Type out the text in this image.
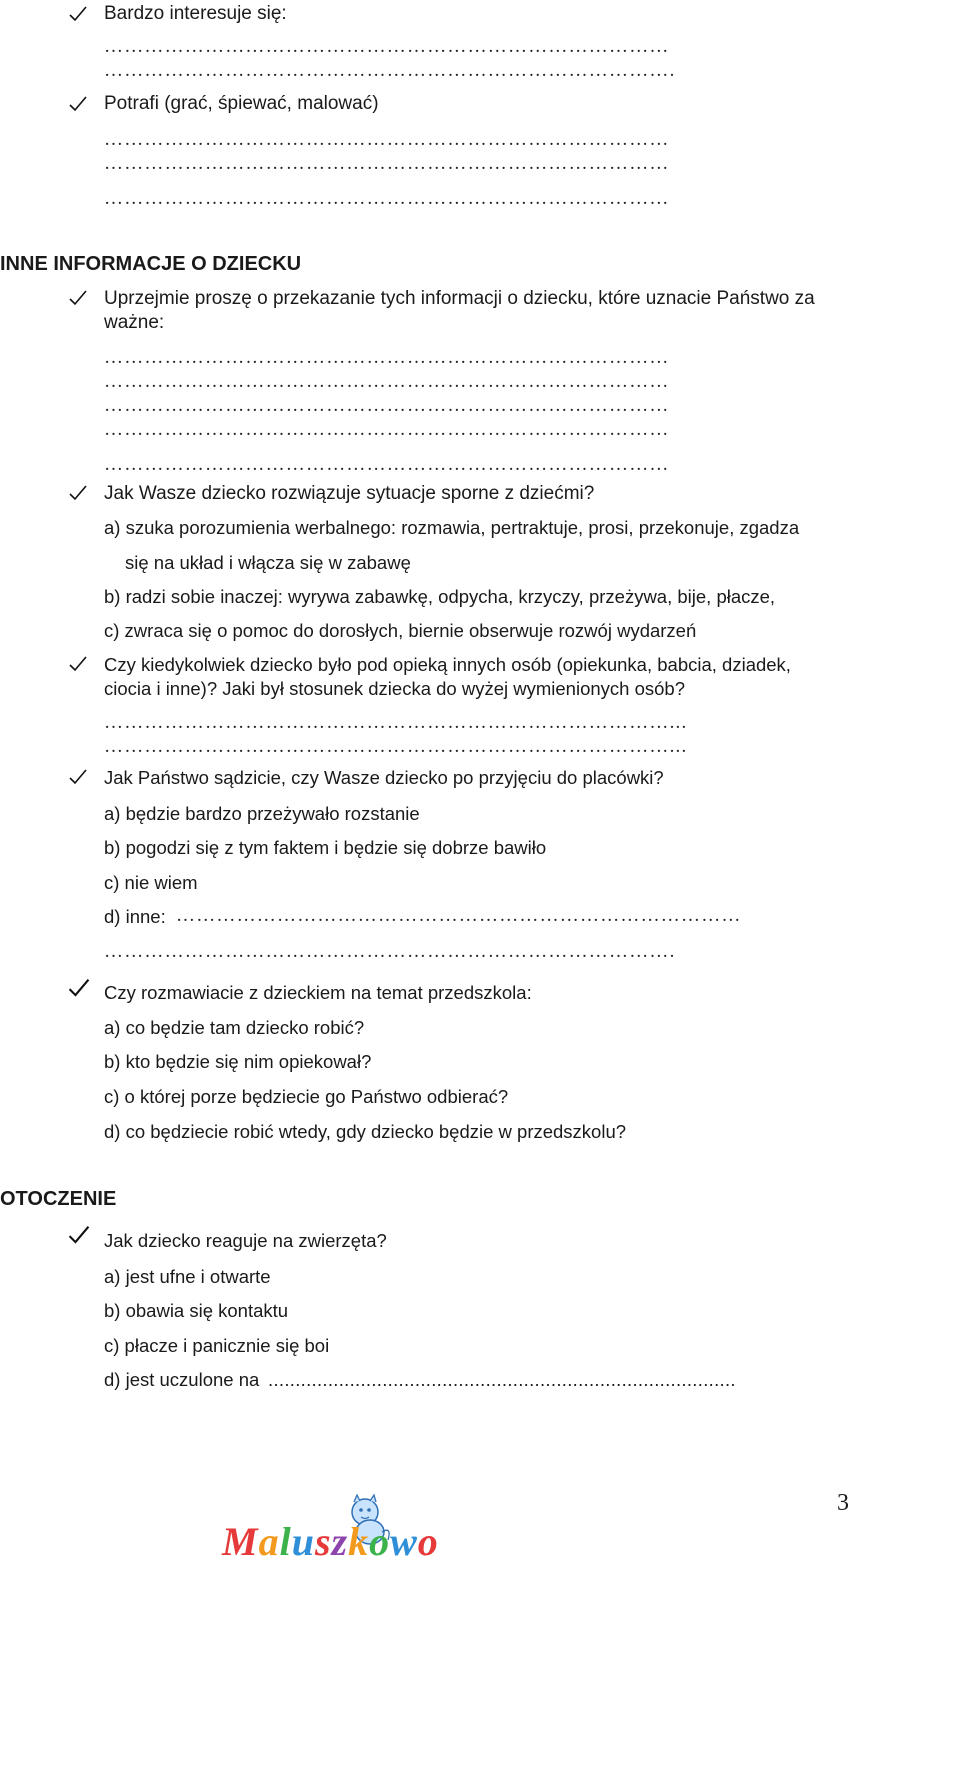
Bardzo interesuje się:
…………………………………………………………………………
………………………………………………………………………….
Potrafi (grać, śpiewać, malować)
…………………………………………………………………………
…………………………………………………………………………
…………………………………………………………………………
INNE INFORMACJE O DZIECKU
Uprzejmie proszę o przekazanie tych informacji o dziecku, które uznacie Państwo za
ważne:
…………………………………………………………………………
…………………………………………………………………………
…………………………………………………………………………
…………………………………………………………………………
…………………………………………………………………………
Jak Wasze dziecko rozwiązuje sytuacje sporne z dziećmi?
a) szuka porozumienia werbalnego: rozmawia, pertraktuje, prosi, przekonuje, zgadza
się na układ i włącza się w zabawę
b) radzi sobie inaczej: wyrywa zabawkę, odpycha, krzyczy, przeżywa, bije, płacze,
c) zwraca się o pomoc do dorosłych, biernie obserwuje rozwój wydarzeń
Czy kiedykolwiek dziecko było pod opieką innych osób (opiekunka, babcia, dziadek,
ciocia i inne)? Jaki był stosunek dziecka do wyżej wymienionych osób?
…………………………………………………………………………...
…………………………………………………………………………...
Jak Państwo sądzicie, czy Wasze dziecko po przyjęciu do placówki?
a) będzie bardzo przeżywało rozstanie
b) pogodzi się z tym faktem i będzie się dobrze bawiło
c) nie wiem
d) inne: …………………………………………………………………………
………………………………………………………………………….
Czy rozmawiacie z dzieckiem na temat przedszkola:
a) co będzie tam dziecko robić?
b) kto będzie się nim opiekował?
c) o której porze będziecie go Państwo odbierać?
d) co będziecie robić wtedy, gdy dziecko będzie w przedszkolu?
OTOCZENIE
Jak dziecko reaguje na zwierzęta?
a) jest ufne i otwarte
b) obawia się kontaktu
c) płacze i panicznie się boi
d) jest uczulone na ......................................................................................
3
Maluszkowo
